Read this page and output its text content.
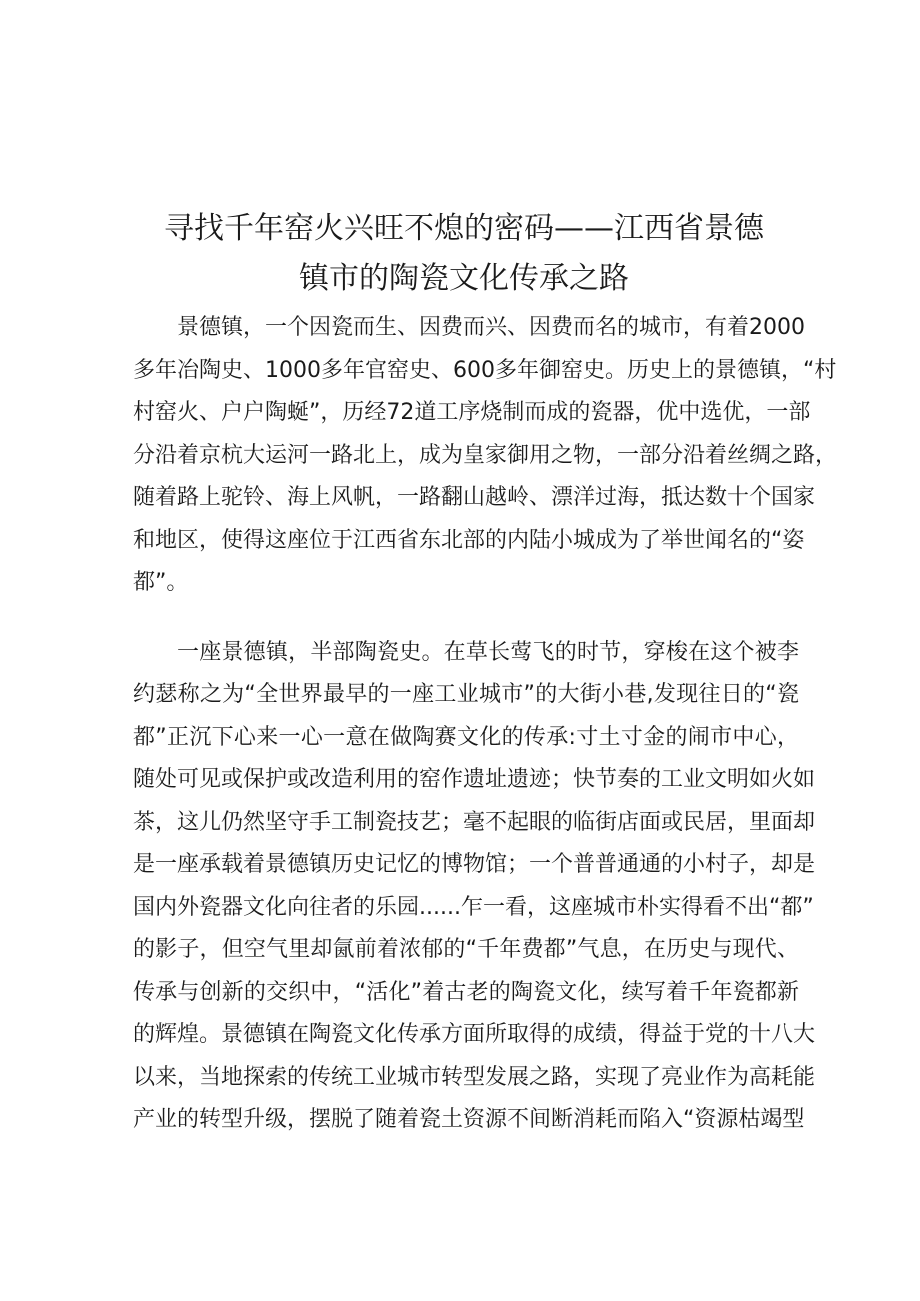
寻找千年窑火兴旺不熄的密码——江西省景德
镇市的陶瓷文化传承之路
景德镇，一个因瓷而生、因费而兴、因费而名的城市，有着2000
多年冶陶史、1000多年官窑史、600多年御窑史。历史上的景德镇，“村
村窑火、户户陶蜒”，历经72道工序烧制而成的瓷器，优中选优，一部
分沿着京杭大运河一路北上，成为皇家御用之物，一部分沿着丝绸之路，
随着路上驼铃、海上风帆，一路翻山越岭、漂洋过海，抵达数十个国家
和地区，使得这座位于江西省东北部的内陆小城成为了举世闻名的“姿
都”。
一座景德镇，半部陶瓷史。在草长莺飞的时节，穿梭在这个被李
约瑟称之为“全世界最早的一座工业城市”的大街小巷,发现往日的“瓷
都”正沉下心来一心一意在做陶赛文化的传承:寸土寸金的闹市中心，
随处可见或保护或改造利用的窑作遗址遗迹；快节奏的工业文明如火如
茶，这儿仍然坚守手工制瓷技艺；毫不起眼的临街店面或民居，里面却
是一座承载着景德镇历史记忆的博物馆；一个普普通通的小村子，却是
国内外瓷器文化向往者的乐园......乍一看，这座城市朴实得看不出“都”
的影子，但空气里却氤前着浓郁的“千年费都”气息，在历史与现代、
传承与创新的交织中，“活化”着古老的陶瓷文化，续写着千年瓷都新
的辉煌。景德镇在陶瓷文化传承方面所取得的成绩，得益于党的十八大
以来，当地探索的传统工业城市转型发展之路，实现了亮业作为高耗能
产业的转型升级，摆脱了随着瓷土资源不间断消耗而陷入“资源枯竭型
